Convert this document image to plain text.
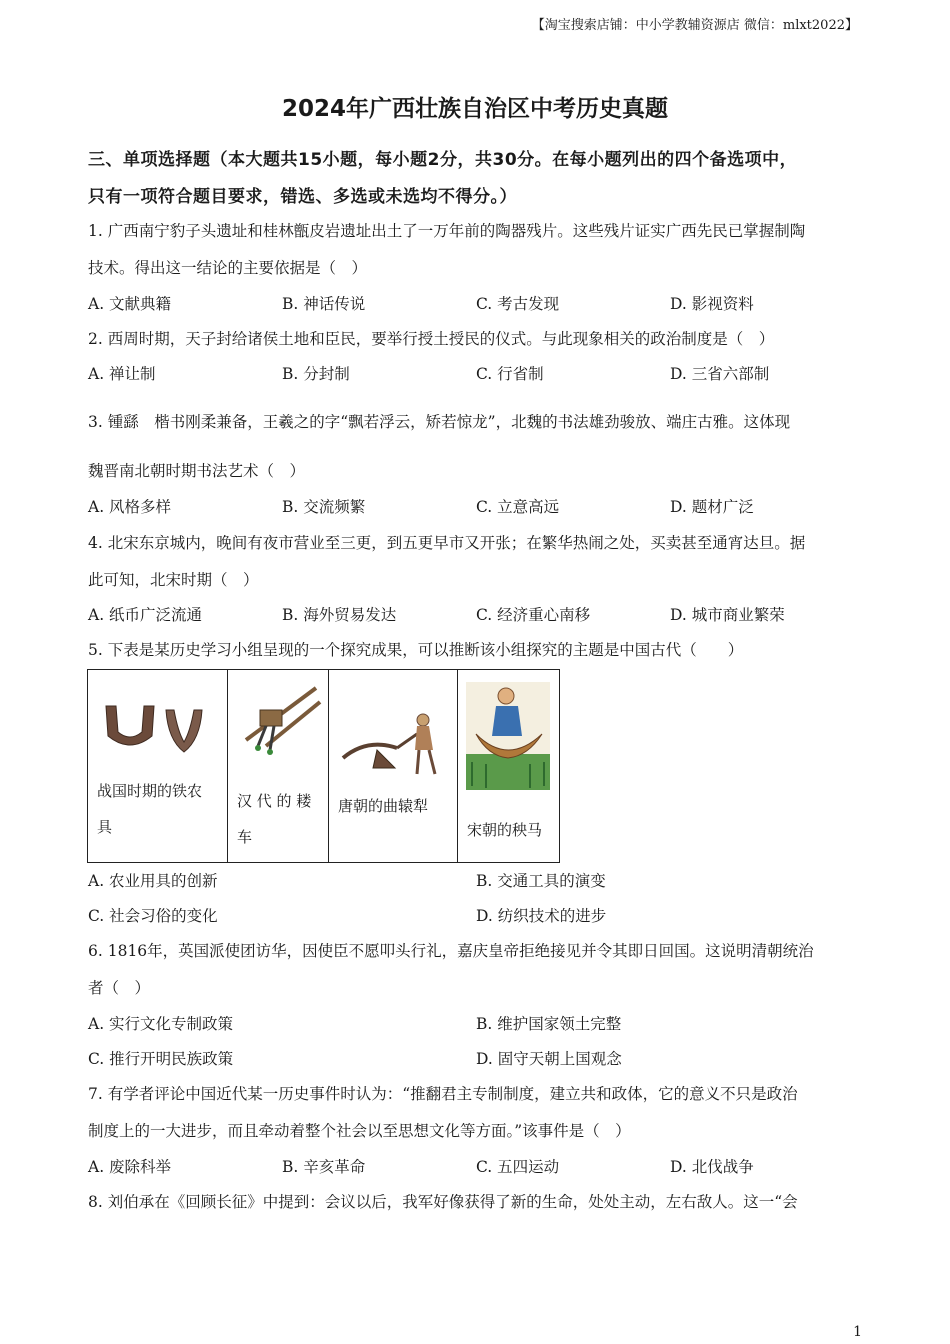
【淘宝搜索店铺：中小学教辅资源店 微信：mlxt2022】
2024年广西壮族自治区中考历史真题
三、单项选择题（本大题共15小题，每小题2分，共30分。在每小题列出的四个备选项中，
只有一项符合题目要求，错选、多选或未选均不得分。）
1. 广西南宁豹子头遗址和桂林甑皮岩遗址出土了一万年前的陶器残片。这些残片证实广西先民已掌握制陶
技术。得出这一结论的主要依据是（　）
A. 文献典籍	B. 神话传说	C. 考古发现	D. 影视资料
2. 西周时期，天子封给诸侯土地和臣民，要举行授土授民的仪式。与此现象相关的政治制度是（　）
A. 禅让制	B. 分封制	C. 行省制	D. 三省六部制
3. 锺繇　楷书刚柔兼备，王羲之的字“飘若浮云，矫若惊龙”，北魏的书法雄劲骏放、端庄古雅。这体现
魏晋南北朝时期书法艺术（　）
A. 风格多样	B. 交流频繁	C. 立意高远	D. 题材广泛
4. 北宋东京城内，晚间有夜市营业至三更，到五更早市又开张；在繁华热闹之处，买卖甚至通宵达旦。据
此可知，北宋时期（　）
A. 纸币广泛流通	B. 海外贸易发达	C. 经济重心南移	D. 城市商业繁荣
5. 下表是某历史学习小组呈现的一个探究成果，可以推断该小组探究的主题是中国古代（　　）
战国时期的铁农
具

汉 代 的 耧
车

唐朝的曲辕犁

宋朝的秧马
A. 农业用具的创新	B. 交通工具的演变
C. 社会习俗的变化	D. 纺织技术的进步
6. 1816年，英国派使团访华，因使臣不愿叩头行礼，嘉庆皇帝拒绝接见并令其即日回国。这说明清朝统治
者（　）
A. 实行文化专制政策	B. 维护国家领土完整
C. 推行开明民族政策	D. 固守天朝上国观念
7. 有学者评论中国近代某一历史事件时认为：“推翻君主专制制度，建立共和政体，它的意义不只是政治
制度上的一大进步，而且牵动着整个社会以至思想文化等方面。”该事件是（　）
A. 废除科举	B. 辛亥革命	C. 五四运动	D. 北伐战争
8. 刘伯承在《回顾长征》中提到：会议以后，我军好像获得了新的生命，处处主动，左右敌人。这一“会
1
